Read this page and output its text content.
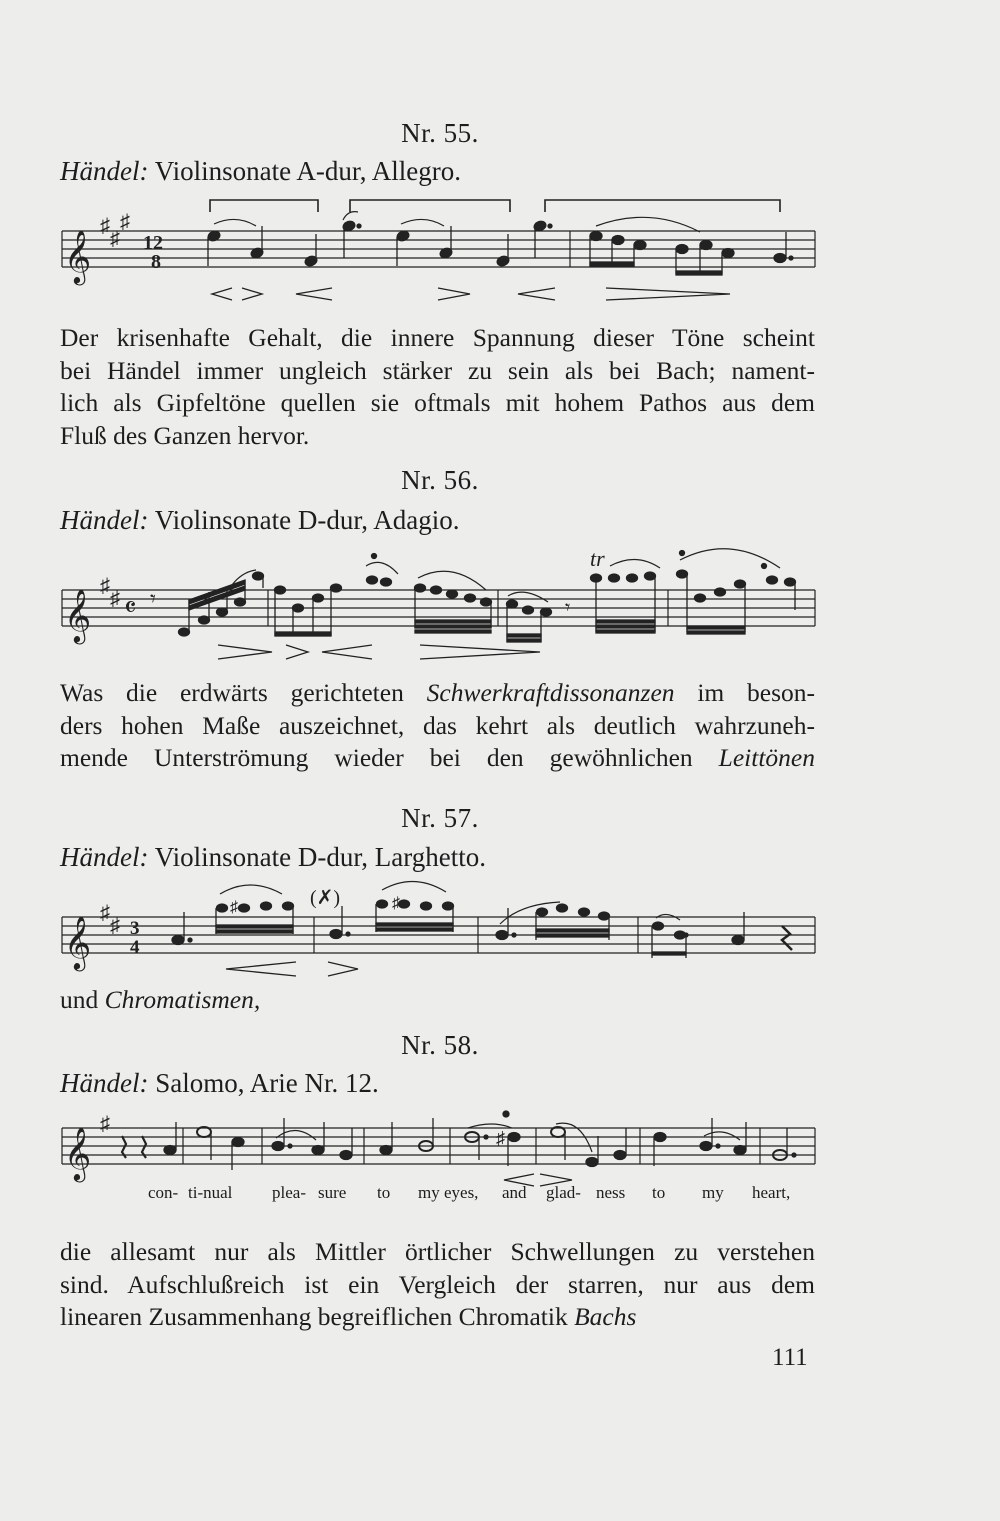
Nr. 55.
Händel: Violinsonate A-dur, Allegro.
𝄞
♯
♯
♯
12
8
𝄞
♯
♯ 𝄴 𝄾	𝄾
tr
𝄞
♯
♯ 3
4
♯	(✗)	♯
𝄞
♯
♯
Der krisenhafte Gehalt, die innere Spannung dieser Töne scheint
bei Händel immer ungleich stärker zu sein als bei Bach; nament-
lich als Gipfeltöne quellen sie oftmals mit hohem Pathos aus dem
Fluß des Ganzen hervor.
Nr. 56.
Händel: Violinsonate D-dur, Adagio.
Was die erdwärts gerichteten Schwerkraftdissonanzen im beson-
ders hohen Maße auszeichnet, das kehrt als deutlich wahrzuneh-
mende Unterströmung wieder bei den gewöhnlichen Leittönen
Nr. 57.
Händel: Violinsonate D-dur, Larghetto.
und Chromatismen,
Nr. 58.
Händel: Salomo, Arie Nr. 12.
con- ti-nual plea- sure to my eyes, and glad- ness to my heart,
die allesamt nur als Mittler örtlicher Schwellungen zu verstehen
sind. Aufschlußreich ist ein Vergleich der starren, nur aus dem
linearen Zusammenhang begreiflichen Chromatik Bachs
111
